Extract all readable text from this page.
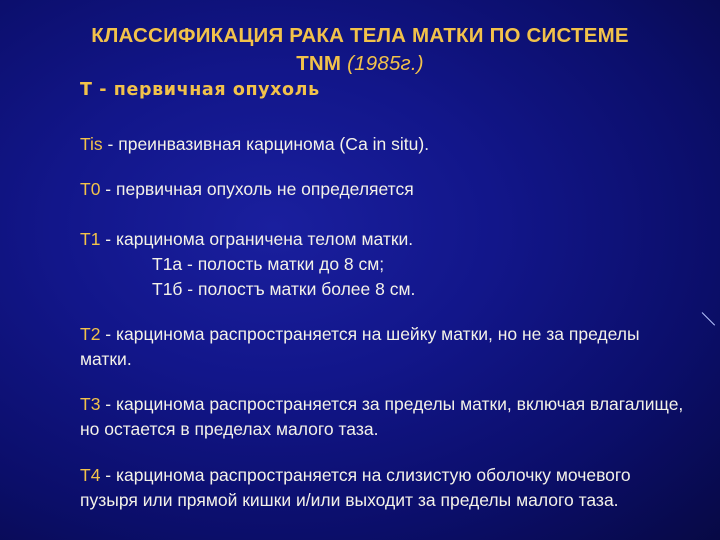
КЛАССИФИКАЦИЯ РАКА ТЕЛА МАТКИ ПО СИСТЕМЕ
TNM (1985г.)
T - первичная опухоль
Tis - преинвазивная карцинома (Са in situ).
Т0 - первичная опухоль не определяется
Т1 - карцинома ограничена телом матки.
Т1а - полость матки до 8 см;
Т1б - полостъ матки более 8 см.
Т2 - карцинома распространяется на шейку матки, но не за пределы матки.
Т3 - карцинома распространяется за пределы матки, включая влагалище, но остается в пределах малого таза.
Т4 - карцинома распространяется на слизистую оболочку мочевого пузыря или прямой кишки и/или выходит за пределы малого таза.
